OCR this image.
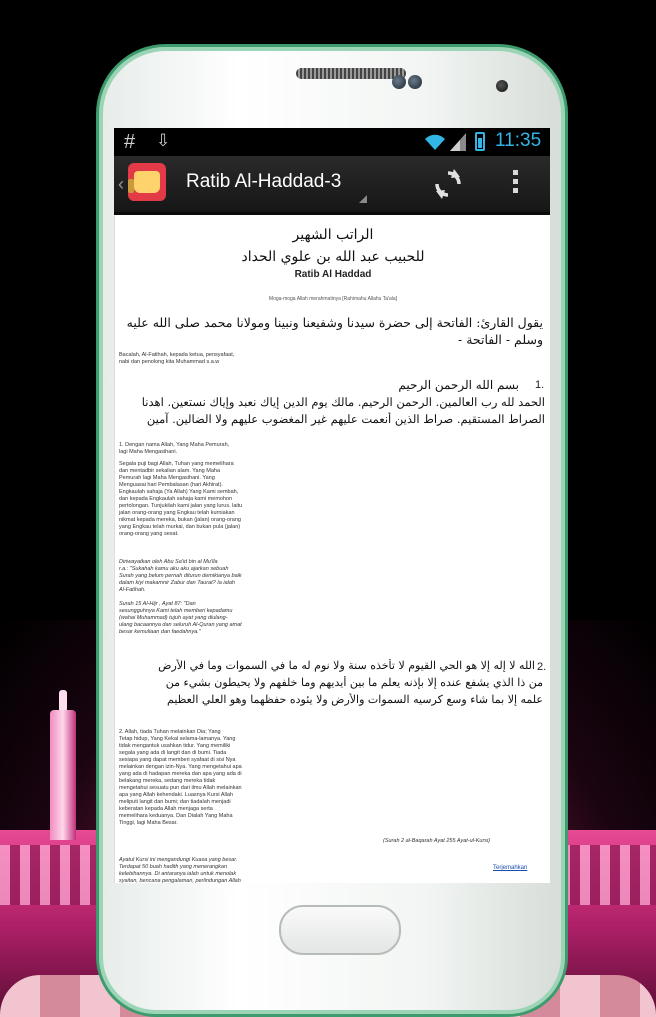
# ⇩	11:35
‹	Ratib Al-Haddad-3
الراتب الشهير
للحبيب عبد الله بن علوي الحداد
Ratib Al Haddad
Moga-moga Allah merahmatinya [Rahimahu Allahu Ta'ala]
يقول القارئ: الفاتحة إلى حضرة سيدنا وشفيعنا ونبينا ومولانا محمد صلى الله عليه
وسلم - الفاتحة -
Bacalah, Al-Fatihah, kepada ketua, pensyafaat,
nabi dan penolong kita Muhammad s.a.w
1.
بسم الله الرحمن الرحيم
الحمد لله رب العالمين. الرحمن الرحيم. مالك يوم الدين إياك نعبد وإياك نستعين. اهدنا
الصراط المستقيم. صراط الذين أنعمت عليهم غير المغضوب عليهم ولا الضالين. آمين
1. Dengan nama Allah, Yang Maha Pemurah,
lagi Maha Mengasihani.
Segala puji bagi Allah, Tuhan yang memelihara
dan mentadbir sekalian alam. Yang Maha
Pemurah lagi Maha Mengasihani. Yang
Menguasai hari Pembalasan (hari Akhirat).
Engkaulah sahaja (Ya Allah) Yang Kami sembah,
dan kepada Engkaulah sahaja kami memohon
pertolongan. Tunjukilah kami jalan yang lurus. laitu
jalan orang-orang yang Engkau telah kurniakan
nikmat kepada mereka, bukan (jalan) orang-orang
yang Engkau telah murkai, dan bukan pula (jalan)
orang-orang yang sesat.
Diriwayatkan oleh Abu Sa'id bin al Mu'lla
r.a.: "Sukahah kamu aku aku ajarkan sebuah
Surah yang belum pernah diturun demikianya baik
dalam kiyi makamnir Zabur dan Taurat? Ia ialah
Al-Fatihah.
Surah 15 Al-Hijr , Ayat 87: "Dan
sesungguhnya Kami telah memberi kepadamu
(wahai Muhammad) tujuh ayat yang diulang-
ulang bacaannya dan seluruh Al-Quran yang amat
besar kemuliaan dan faedahnya."
2.
الله لا إله إلا هو الحي القيوم لا تأخذه سنة ولا نوم له ما في السموات وما في الأرض
من ذا الذي يشفع عنده إلا بإذنه يعلم ما بين أيديهم وما خلفهم ولا يحيطون بشيء من
علمه إلا بما شاء وسع كرسيه السموات والأرض ولا يئوده حفظهما وهو العلي العظيم
2. Allah, tiada Tuhan melainkan Dia; Yang
Tetap hidup, Yang Kekal selama-lamanya. Yang
tidak mengantuk usahkan tidur. Yang memiliki
segala yang ada di langit dan di bumi. Tiada
sesiapa yang dapat memberi syafaat di sisi Nya
melainkan dengan izin-Nya. Yang mengetahui apa
yang ada di hadapan mereka dan apa yang ada di
belakang mereka, sedang mereka tidak
mengetahui sesuatu pun dari ilmu Allah melainkan
apa yang Allah kehendaki. Luasnya Kursi Allah
meliputi langit dan bumi; dan tiadalah menjadi
keberatan kepada Allah menjaga serta
memelihara keduanya. Dan Dialah Yang Maha
Tinggi, lagi Maha Besar.
(Surah 2 al-Baqarah Ayat 255 Ayat-ul-Kursi)
Ayatul Kursi ini mengandungi Kuasa yang besar.
Terdapat 50 buah hadith yang menerangkan
kelebihannya. Di antaranya ialah untuk menolak
syaitan, bencana pengalaman, perlindungan Allah
Terjemahkan
